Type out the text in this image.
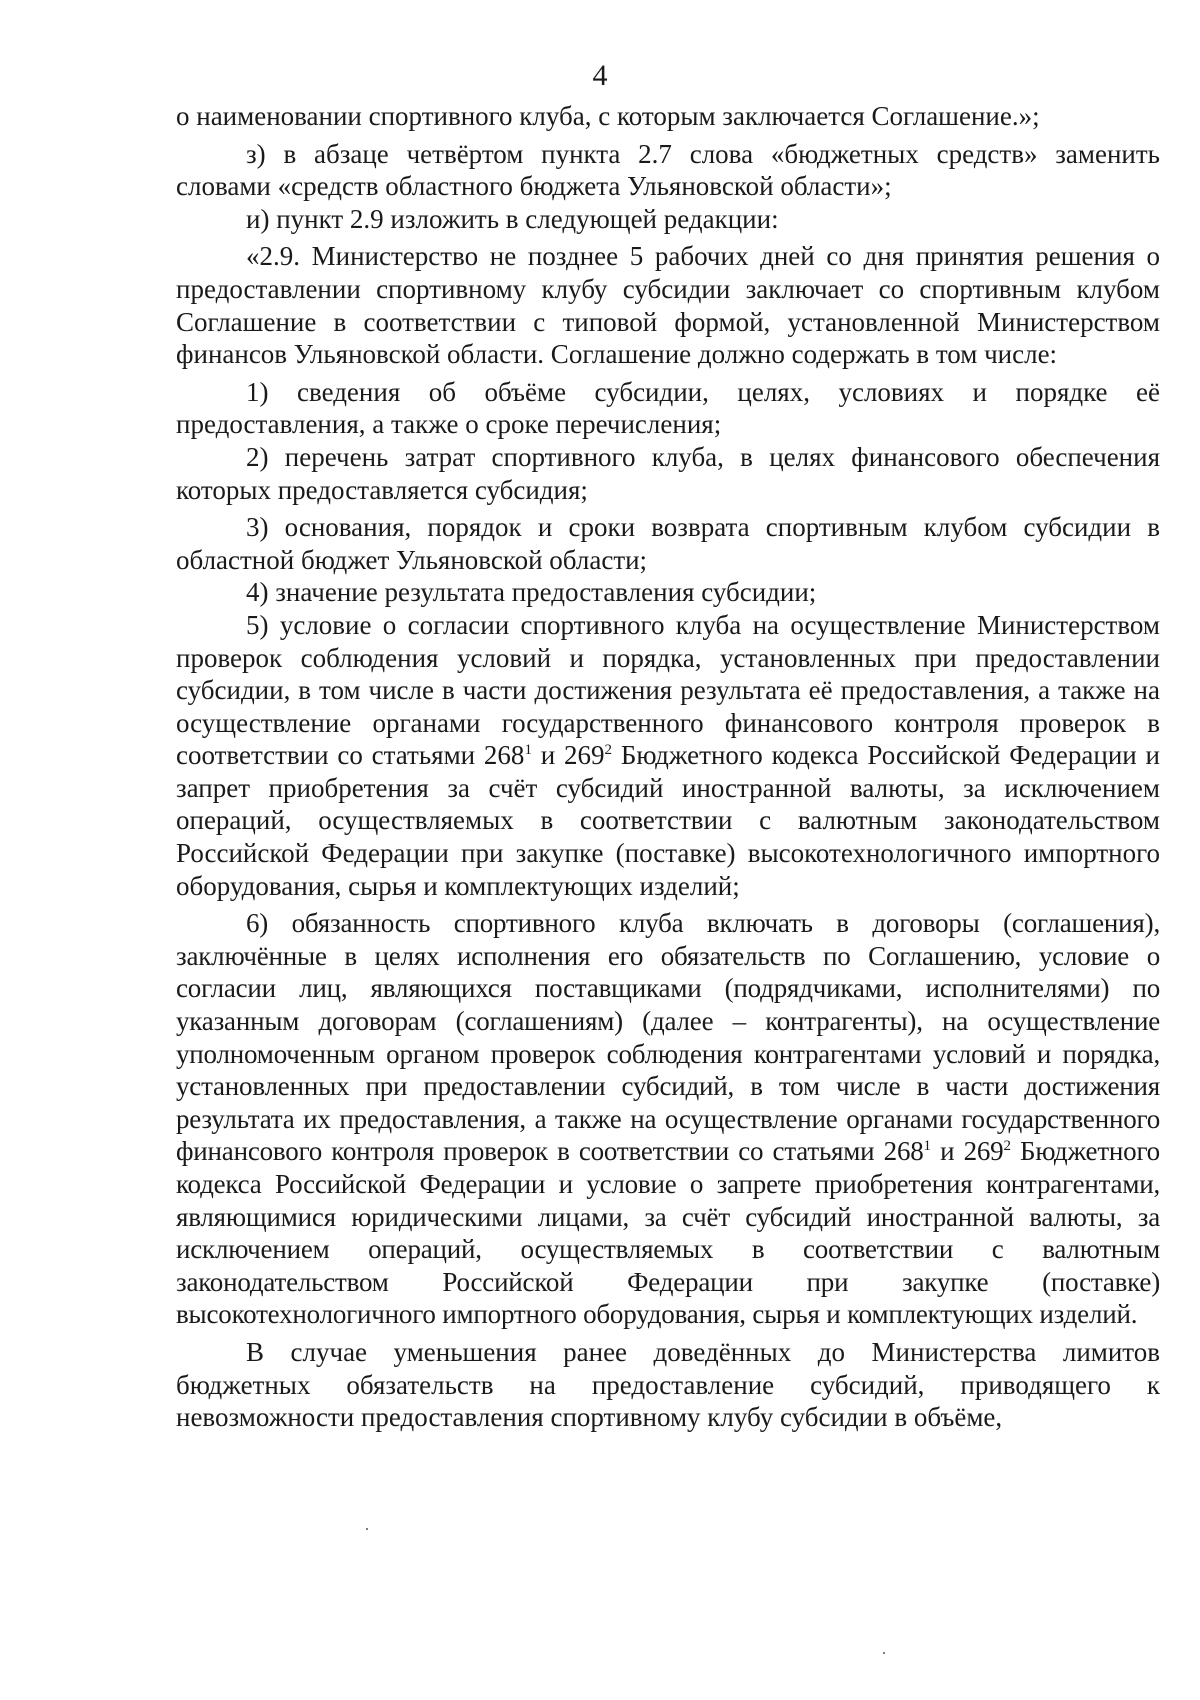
4

о наименовании спортивного клуба, с которым заключается Соглашение.»;

з) в абзаце четвёртом пункта 2.7 слова «бюджетных средств» заменить словами «средств областного бюджета Ульяновской области»;

и) пункт 2.9 изложить в следующей редакции:

«2.9. Министерство не позднее 5 рабочих дней со дня принятия решения о предоставлении спортивному клубу субсидии заключает со спортивным клубом Соглашение в соответствии с типовой формой, установленной Министерством финансов Ульяновской области. Соглашение должно содержать в том числе:

1) сведения об объёме субсидии, целях, условиях и порядке её предоставления, а также о сроке перечисления;

2) перечень затрат спортивного клуба, в целях финансового обеспечения которых предоставляется субсидия;

3) основания, порядок и сроки возврата спортивным клубом субсидии в областной бюджет Ульяновской области;

4) значение результата предоставления субсидии;

5) условие о согласии спортивного клуба на осуществление Министерством проверок соблюдения условий и порядка, установленных при предоставлении субсидии, в том числе в части достижения результата её предоставления, а также на осуществление органами государственного финансового контроля проверок в соответствии со статьями $268^1$ и $269^2$ Бюджетного кодекса Российской Федерации и запрет приобретения за счёт субсидий иностранной валюты, за исключением операций, осуществляемых в соответствии с валютным законодательством Российской Федерации при закупке (поставке) высокотехнологичного импортного оборудования, сырья и комплектующих изделий;

6) обязанность спортивного клуба включать в договоры (соглашения), заключённые в целях исполнения его обязательств по Соглашению, условие о согласии лиц, являющихся поставщиками (подрядчиками, исполнителями) по указанным договорам (соглашениям) (далее – контрагенты), на осуществление уполномоченным органом проверок соблюдения контрагентами условий и порядка, установленных при предоставлении субсидий, в том числе в части достижения результата их предоставления, а также на осуществление органами государственного финансового контроля проверок в соответствии со статьями $268^1$ и $269^2$ Бюджетного кодекса Российской Федерации и условие о запрете приобретения контрагентами, являющимися юридическими лицами, за счёт субсидий иностранной валюты, за исключением операций, осуществляемых в соответствии с валютным законодательством Российской Федерации при закупке (поставке) высокотехнологичного импортного оборудования, сырья и комплектующих изделий.

В случае уменьшения ранее доведённых до Министерства лимитов бюджетных обязательств на предоставление субсидий, приводящего к невозможности предоставления спортивному клубу субсидии в объёме,
